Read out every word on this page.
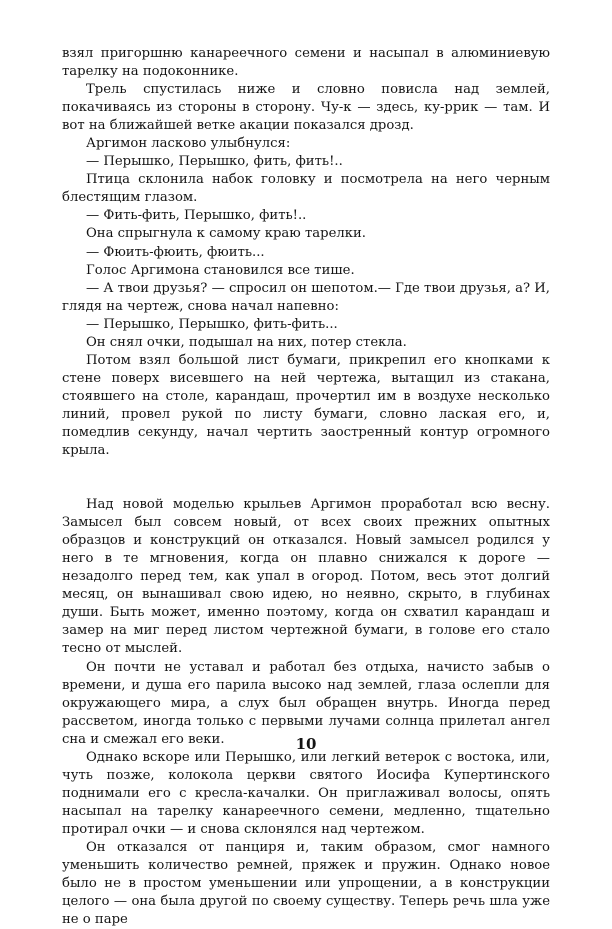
взял пригоршню канареечного семени и насыпал в алюминиевую тарелку на подоконнике.

Трель спустилась ниже и словно повисла над землей, покачиваясь из стороны в сторону. Чу-к — здесь, ку-ррик — там. И вот на ближайшей ветке акации показался дрозд.

Аргимон ласково улыбнулся:

— Перышко, Перышко, фить, фить!..

Птица склонила набок головку и посмотрела на него черным блестящим глазом.

— Фить-фить, Перышко, фить!..

Она спрыгнула к самому краю тарелки.

— Фюить-фюить, фюить...

Голос Аргимона становился все тише.

— А твои друзья? — спросил он шепотом.— Где твои друзья, а? И, глядя на чертеж, снова начал напевно:

— Перышко, Перышко, фить-фить...

Он снял очки, подышал на них, потер стекла.

Потом взял большой лист бумаги, прикрепил его кнопками к стене поверх висевшего на ней чертежа, вытащил из стакана, стоявшего на столе, карандаш, прочертил им в воздухе несколько линий, провел рукой по листу бумаги, словно лаская его, и, помедлив секунду, начал чертить заостренный контур огромного крыла.

Над новой моделью крыльев Аргимон проработал всю весну. Замысел был совсем новый, от всех своих прежних опытных образцов и конструкций он отказался. Новый замысел родился у него в те мгновения, когда он плавно снижался к дороге — незадолго перед тем, как упал в огород. Потом, весь этот долгий месяц, он вынашивал свою идею, но неявно, скрыто, в глубинах души. Быть может, именно поэтому, когда он схватил карандаш и замер на миг перед листом чертежной бумаги, в голове его стало тесно от мыслей.

Он почти не уставал и работал без отдыха, начисто забыв о времени, и душа его парила высоко над землей, глаза ослепли для окружающего мира, а слух был обращен внутрь. Иногда перед рассветом, иногда только с первыми лучами солнца прилетал ангел сна и смежал его веки.

Однако вскоре или Перышко, или легкий ветерок с востока, или, чуть позже, колокола церкви святого Иосифа Купертинского поднимали его с кресла-качалки. Он приглаживал волосы, опять насыпал на тарелку канареечного семени, медленно, тщательно протирал очки — и снова склонялся над чертежом.

Он отказался от панциря и, таким образом, смог намного уменьшить количество ремней, пряжек и пружин. Однако новое было не в простом уменьшении или упрощении, а в конструкции целого — она была другой по своему существу. Теперь речь шла уже не о паре

10
